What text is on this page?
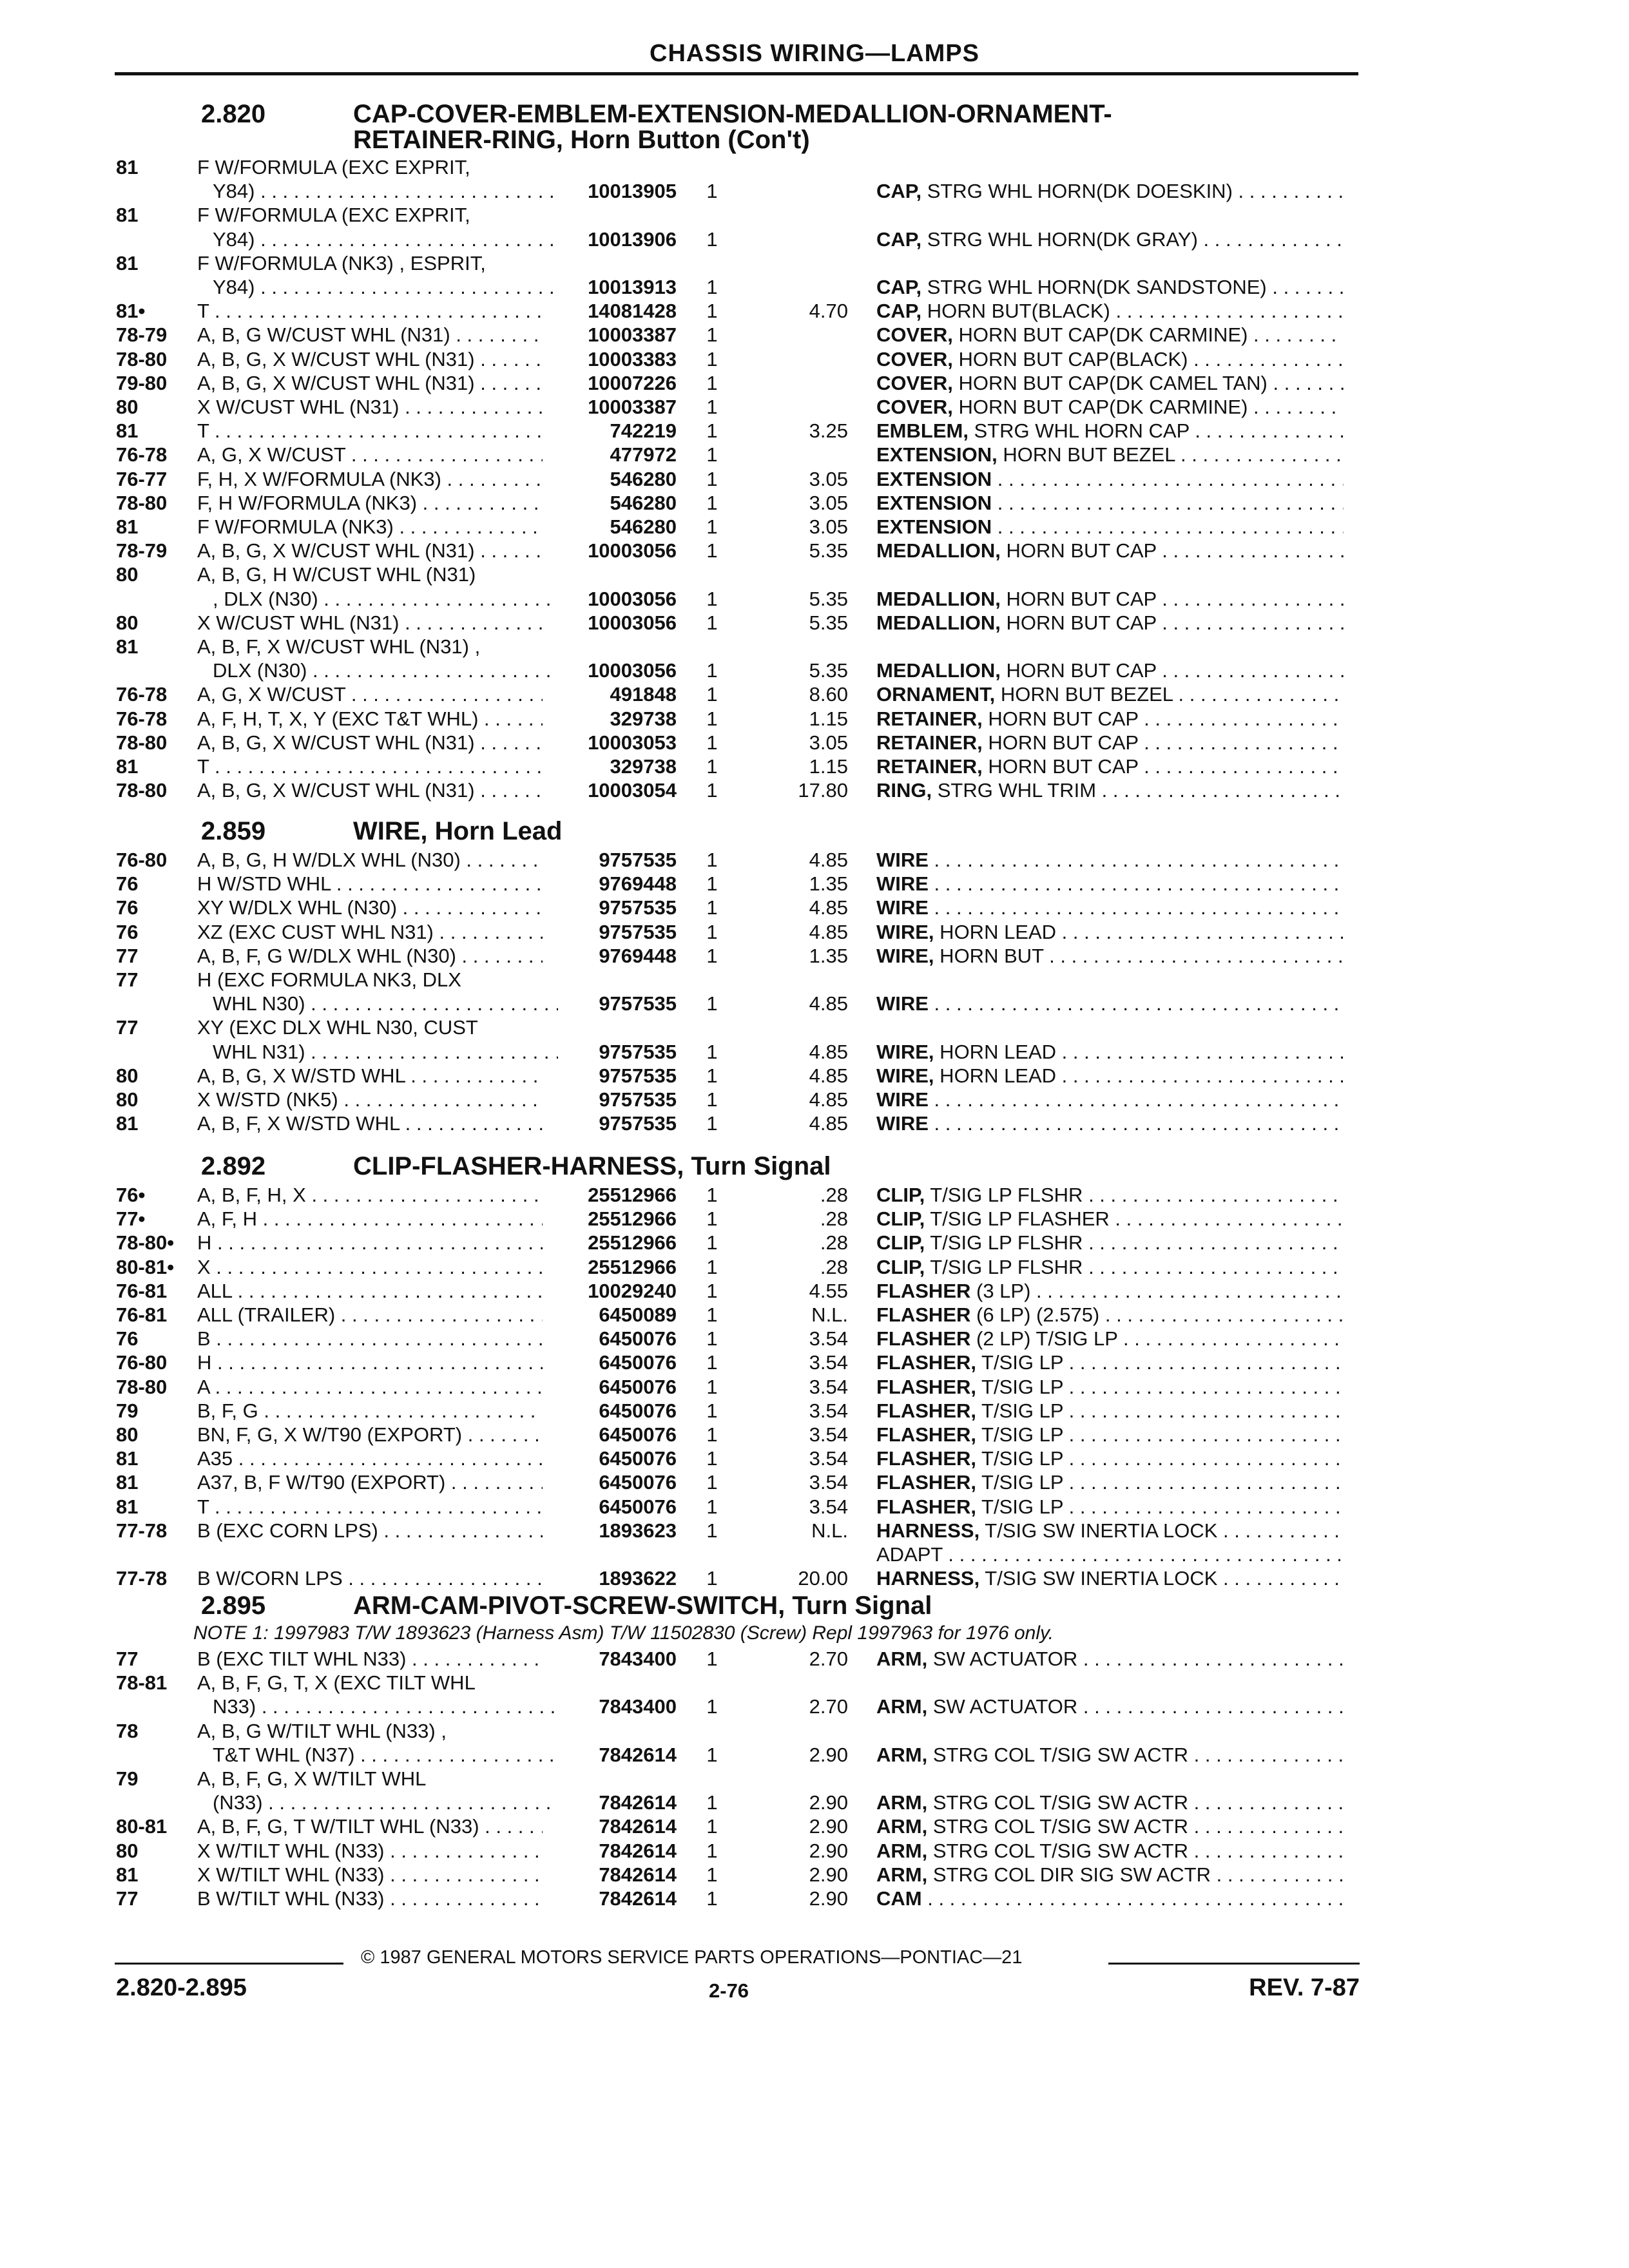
CHASSIS WIRING—LAMPS
2.820	CAP-COVER-EMBLEM-EXTENSION-MEDALLION-ORNAMENT-
RETAINER-RING, Horn Button (Con't)
81	F W/FORMULA (EXC EXPRIT,
Y84) . . .	10013905 1	CAP, STRG WHL HORN(DK DOESKIN) . . .
81	F W/FORMULA (EXC EXPRIT,
Y84) . . .	10013906 1	CAP, STRG WHL HORN(DK GRAY) . . .
81	F W/FORMULA (NK3) , ESPRIT,
Y84) . . .	10013913 1	CAP, STRG WHL HORN(DK SANDSTONE) . . .
81•	T . . .	14081428 1	4.70 CAP, HORN BUT(BLACK) . . .
78-79 A, B, G W/CUST WHL (N31) . . .	10003387 1	COVER, HORN BUT CAP(DK CARMINE) . . .
78-80 A, B, G, X W/CUST WHL (N31) . . .	10003383 1	COVER, HORN BUT CAP(BLACK) . . .
79-80 A, B, G, X W/CUST WHL (N31) . . .	10007226 1	COVER, HORN BUT CAP(DK CAMEL TAN) . . .
80	X W/CUST WHL (N31) . . .	10003387 1	COVER, HORN BUT CAP(DK CARMINE) . . .
81	T . . .	742219 1	3.25 EMBLEM, STRG WHL HORN CAP . . .
76-78 A, G, X W/CUST . . .	477972 1	EXTENSION, HORN BUT BEZEL . . .
76-77 F, H, X W/FORMULA (NK3) . . .	546280 1	3.05 EXTENSION . . .
78-80 F, H W/FORMULA (NK3) . . .	546280 1	3.05 EXTENSION . . .
81	F W/FORMULA (NK3) . . .	546280 1	3.05 EXTENSION . . .
78-79 A, B, G, X W/CUST WHL (N31) . . .	10003056 1	5.35 MEDALLION, HORN BUT CAP . . .
80	A, B, G, H W/CUST WHL (N31)
, DLX (N30) . . .	10003056 1	5.35 MEDALLION, HORN BUT CAP . . .
80	X W/CUST WHL (N31) . . .	10003056 1	5.35 MEDALLION, HORN BUT CAP . . .
81	A, B, F, X W/CUST WHL (N31) ,
DLX (N30) . . .	10003056 1	5.35 MEDALLION, HORN BUT CAP . . .
76-78 A, G, X W/CUST . . .	491848 1	8.60 ORNAMENT, HORN BUT BEZEL . . .
76-78 A, F, H, T, X, Y (EXC T&T WHL) . . .	329738 1	1.15 RETAINER, HORN BUT CAP . . .
78-80 A, B, G, X W/CUST WHL (N31) . . .	10003053 1	3.05 RETAINER, HORN BUT CAP . . .
81	T . . .	329738 1	1.15 RETAINER, HORN BUT CAP . . .
78-80 A, B, G, X W/CUST WHL (N31) . . .	10003054 1	17.80 RING, STRG WHL TRIM . . .
2.859	WIRE, Horn Lead
76-80 A, B, G, H W/DLX WHL (N30) . . .	9757535 1	4.85 WIRE . . .
76	H W/STD WHL . . .	9769448 1	1.35 WIRE . . .
76	XY W/DLX WHL (N30) . . .	9757535 1	4.85 WIRE . . .
76	XZ (EXC CUST WHL N31) . . .	9757535 1	4.85 WIRE, HORN LEAD . . .
77	A, B, F, G W/DLX WHL (N30) . . .	9769448 1	1.35 WIRE, HORN BUT . . .
77	H (EXC FORMULA NK3, DLX
WHL N30) . . .	9757535 1	4.85 WIRE . . .
77	XY (EXC DLX WHL N30, CUST
WHL N31) . . .	9757535 1	4.85 WIRE, HORN LEAD . . .
80	A, B, G, X W/STD WHL . . .	9757535 1	4.85 WIRE, HORN LEAD . . .
80	X W/STD (NK5) . . .	9757535 1	4.85 WIRE . . .
81	A, B, F, X W/STD WHL . . .	9757535 1	4.85 WIRE . . .
2.892	CLIP-FLASHER-HARNESS, Turn Signal
76•	A, B, F, H, X . . .	25512966 1	.28 CLIP, T/SIG LP FLSHR . . .
77•	A, F, H . . .	25512966 1	.28 CLIP, T/SIG LP FLASHER . . .
78-80• H . . .	25512966 1	.28 CLIP, T/SIG LP FLSHR . . .
80-81• X . . .	25512966 1	.28 CLIP, T/SIG LP FLSHR . . .
76-81 ALL . . .	10029240 1	4.55 FLASHER (3 LP) . . .
76-81 ALL (TRAILER) . . .	6450089 1	N.L. FLASHER (6 LP) (2.575) . . .
76	B . . .	6450076 1	3.54 FLASHER (2 LP) T/SIG LP . . .
76-80 H . . .	6450076 1	3.54 FLASHER, T/SIG LP . . .
78-80 A . . .	6450076 1	3.54 FLASHER, T/SIG LP . . .
79	B, F, G . . .	6450076 1	3.54 FLASHER, T/SIG LP . . .
80	BN, F, G, X W/T90 (EXPORT) . . .	6450076 1	3.54 FLASHER, T/SIG LP . . .
81	A35 . . .	6450076 1	3.54 FLASHER, T/SIG LP . . .
81	A37, B, F W/T90 (EXPORT) . . .	6450076 1	3.54 FLASHER, T/SIG LP . . .
81	T . . .	6450076 1	3.54 FLASHER, T/SIG LP . . .
77-78 B (EXC CORN LPS) . . .	1893623 1	N.L. HARNESS, T/SIG SW INERTIA LOCK . . .
ADAPT . . .
77-78 B W/CORN LPS . . .	1893622 1	20.00 HARNESS, T/SIG SW INERTIA LOCK . . .
2.895	ARM-CAM-PIVOT-SCREW-SWITCH, Turn Signal
NOTE 1: 1997983 T/W 1893623 (Harness Asm) T/W 11502830 (Screw) Repl 1997963 for 1976 only.
77	B (EXC TILT WHL N33) . . .	7843400 1	2.70 ARM, SW ACTUATOR . . .
78-81 A, B, F, G, T, X (EXC TILT WHL
N33) . . .	7843400 1	2.70 ARM, SW ACTUATOR . . .
78	A, B, G W/TILT WHL (N33) ,
T&T WHL (N37) . . .	7842614 1	2.90 ARM, STRG COL T/SIG SW ACTR . . .
79	A, B, F, G, X W/TILT WHL
(N33) . . .	7842614 1	2.90 ARM, STRG COL T/SIG SW ACTR . . .
80-81 A, B, F, G, T W/TILT WHL (N33) . . .	7842614 1	2.90 ARM, STRG COL T/SIG SW ACTR . . .
80	X W/TILT WHL (N33) . . .	7842614 1	2.90 ARM, STRG COL T/SIG SW ACTR . . .
81	X W/TILT WHL (N33) . . .	7842614 1	2.90 ARM, STRG COL DIR SIG SW ACTR . . .
77	B W/TILT WHL (N33) . . .	7842614 1	2.90 CAM . . .
© 1987 GENERAL MOTORS SERVICE PARTS OPERATIONS—PONTIAC—21
2.820-2.895	2-76	REV. 7-87
